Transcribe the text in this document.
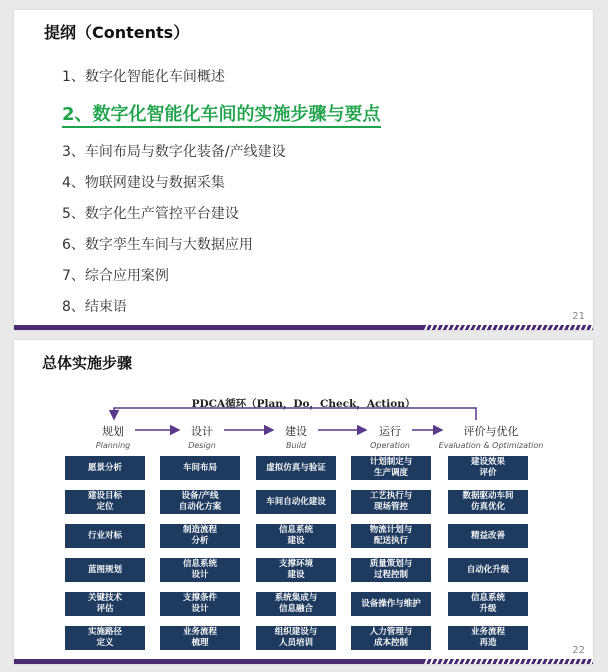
提纲（Contents）
1、数字化智能化车间概述
2、数字化智能化车间的实施步骤与要点
3、车间布局与数字化装备/产线建设
4、物联网建设与数据采集
5、数字化生产管控平台建设
6、数字孪生车间与大数据应用
7、综合应用案例
8、结束语
21
总体实施步骤
PDCA循环（Plan，Do，Check，Action）
规划
Planning
设计
Design
建设
Build
运行
Operation
评价与优化
Evaluation & Optimization
愿景分析
建设目标
定位
行业对标
蓝图规划
关键技术
评估
实施路径
定义
车间布局
设备/产线
自动化方案
制造流程
分析
信息系统
设计
支撑条件
设计
业务流程
梳理
虚拟仿真与验证
车间自动化建设
信息系统
建设
支撑环境
建设
系统集成与
信息融合
组织建设与
人员培训
计划制定与
生产调度
工艺执行与
现场管控
物流计划与
配送执行
质量策划与
过程控制
设备操作与维护
人力管理与
成本控制
建设效果
评价
数据驱动车间
仿真优化
精益改善
自动化升级
信息系统
升级
业务流程
再造
22
